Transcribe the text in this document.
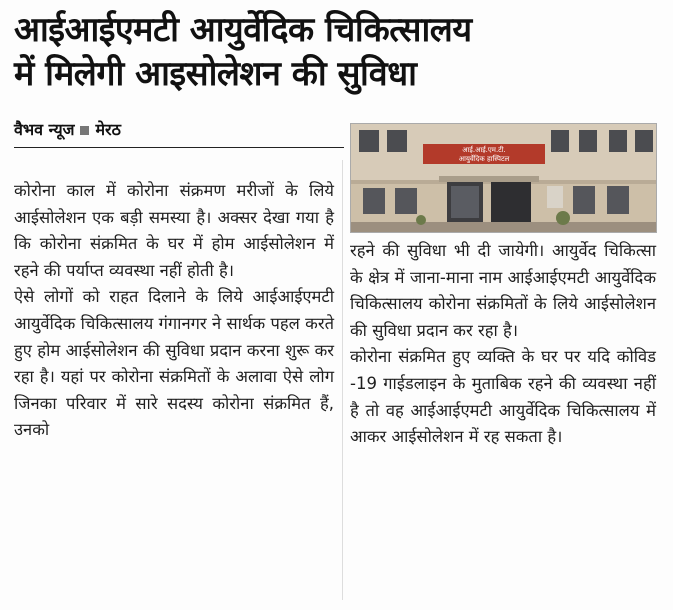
आईआईएमटी आयुर्वेदिक चिकित्सालय
में मिलेगी आइसोलेशन की सुविधा
वैभव न्यूज मेरठ
आई.आई.एम.टी.
आयुर्वेदिक हास्पिटल

कोरोना काल में कोरोना संक्रमण मरीजों के लिये आईसोलेशन एक बड़ी समस्या है। अक्सर देखा गया है कि कोरोना संक्रमित के घर में होम आईसोलेशन में रहने की पर्याप्त व्यवस्था नहीं होती है।

ऐसे लोगों को राहत दिलाने के लिये आईआईएमटी आयुर्वेदिक चिकित्सालय गंगानगर ने सार्थक पहल करते हुए होम आईसोलेशन की सुविधा प्रदान करना शुरू कर रहा है। यहां पर कोरोना संक्रमितों के अलावा ऐसे लोग जिनका परिवार में सारे सदस्य कोरोना संक्रमित हैं, उनको

रहने की सुविधा भी दी जायेगी। आयुर्वेद चिकित्सा के क्षेत्र में जाना-माना नाम आईआईएमटी आयुर्वेदिक चिकित्सालय कोरोना संक्रमितों के लिये आईसोलेशन की सुविधा प्रदान कर रहा है।

कोरोना संक्रमित हुए व्यक्ति के घर पर यदि कोविड -19 गाईडलाइन के मुताबिक रहने की व्यवस्था नहीं है तो वह आईआईएमटी आयुर्वेदिक चिकित्सालय में आकर आईसोलेशन में रह सकता है।
